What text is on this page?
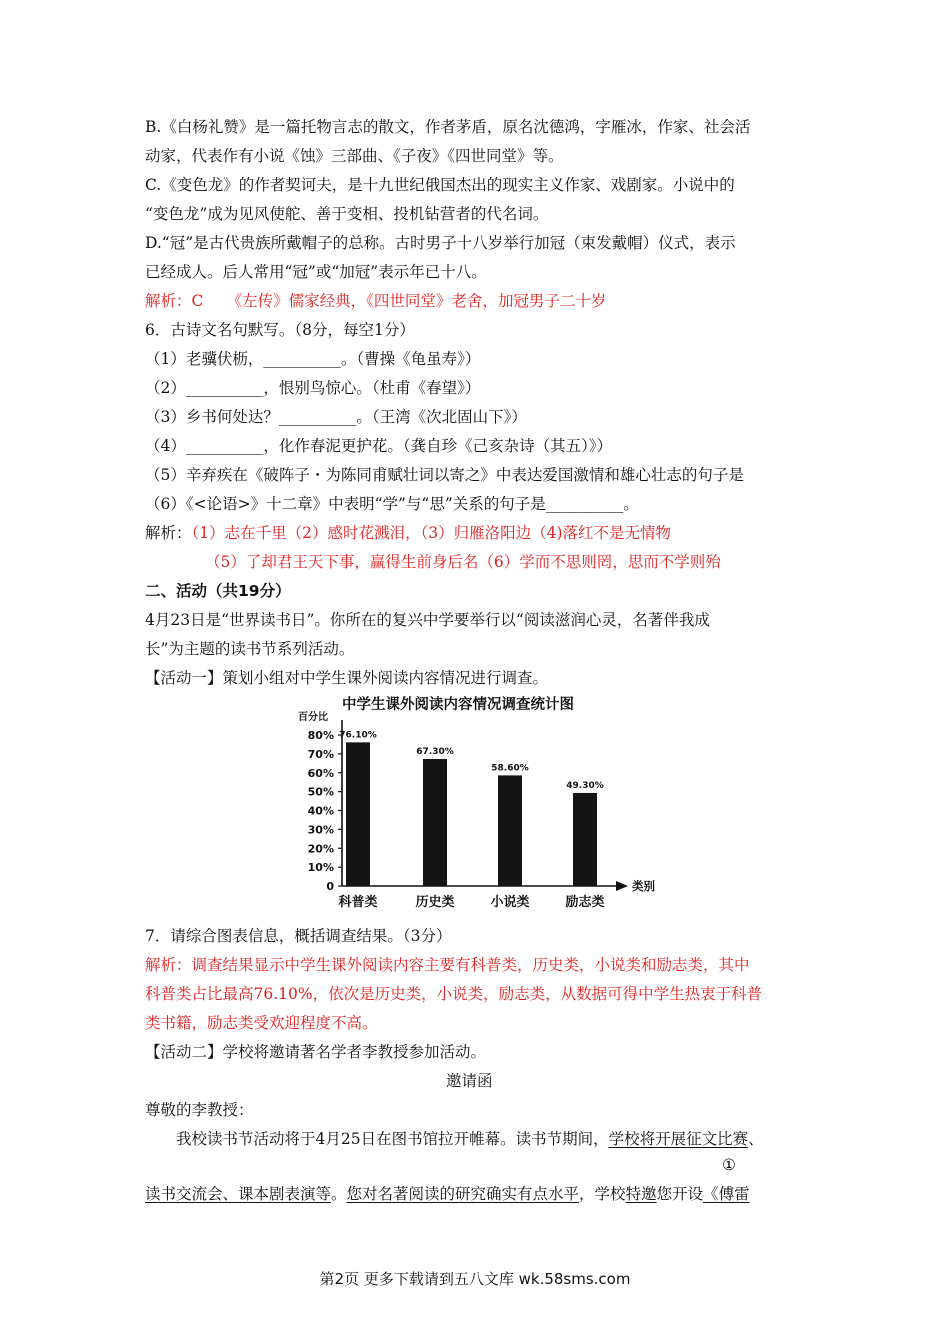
B.《白杨礼赞》是一篇托物言志的散文，作者茅盾，原名沈德鸿，字雁冰，作家、社会活
动家，代表作有小说《蚀》三部曲、《子夜》《四世同堂》等。
C.《变色龙》的作者契诃夫，是十九世纪俄国杰出的现实主义作家、戏剧家。小说中的
“变色龙”成为见风使舵、善于变相、投机钻营者的代名词。
D.“冠”是古代贵族所戴帽子的总称。古时男子十八岁举行加冠（束发戴帽）仪式，表示
已经成人。后人常用“冠”或“加冠”表示年已十八。
解析：C　　《左传》儒家经典，《四世同堂》老舍，加冠男子二十岁
6．古诗文名句默写。（8分，每空1分）
（1）老骥伏枥，__________。（曹操《龟虽寿》）
（2）__________，恨别鸟惊心。（杜甫《春望》）
（3）乡书何处达？__________。（王湾《次北固山下》）
（4）__________，化作春泥更护花。（龚自珍《己亥杂诗（其五）》）
（5）辛弃疾在《破阵子・为陈同甫赋壮词以寄之》中表达爱国激情和雄心壮志的句子是
（6）《<论语>》十二章》中表明“学”与“思”关系的句子是__________。
解析：（1）志在千里（2）感时花溅泪，（3）归雁洛阳边（4)落红不是无情物
（5）了却君王天下事，赢得生前身后名（6）学而不思则罔，思而不学则殆
二、活动（共19分）
4月23日是“世界读书日”。你所在的复兴中学要举行以“阅读滋润心灵，名著伴我成
长”为主题的读书节系列活动。
【活动一】策划小组对中学生课外阅读内容情况进行调查。
中学生课外阅读内容情况调查统计图
百分比
0
10%
20%
30%
40%
50%
60%
70%
80%
类别
76.10%
科普类
67.30%
历史类
58.60%
小说类
49.30%
励志类
7．请综合图表信息，概括调查结果。（3分）
解析：调查结果显示中学生课外阅读内容主要有科普类，历史类，小说类和励志类，其中
科普类占比最高76.10%，依次是历史类，小说类，励志类，从数据可得中学生热衷于科普
类书籍，励志类受欢迎程度不高。
【活动二】学校将邀请著名学者李教授参加活动。
邀请函
尊敬的李教授：
我校读书节活动将于4月25日在图书馆拉开帷幕。读书节期间，学校将开展征文比赛、
①
读书交流会、课本剧表演等。您对名著阅读的研究确实有点水平，学校特邀您开设《傅雷
第2页 更多下载请到五八文库 wk.58sms.com
